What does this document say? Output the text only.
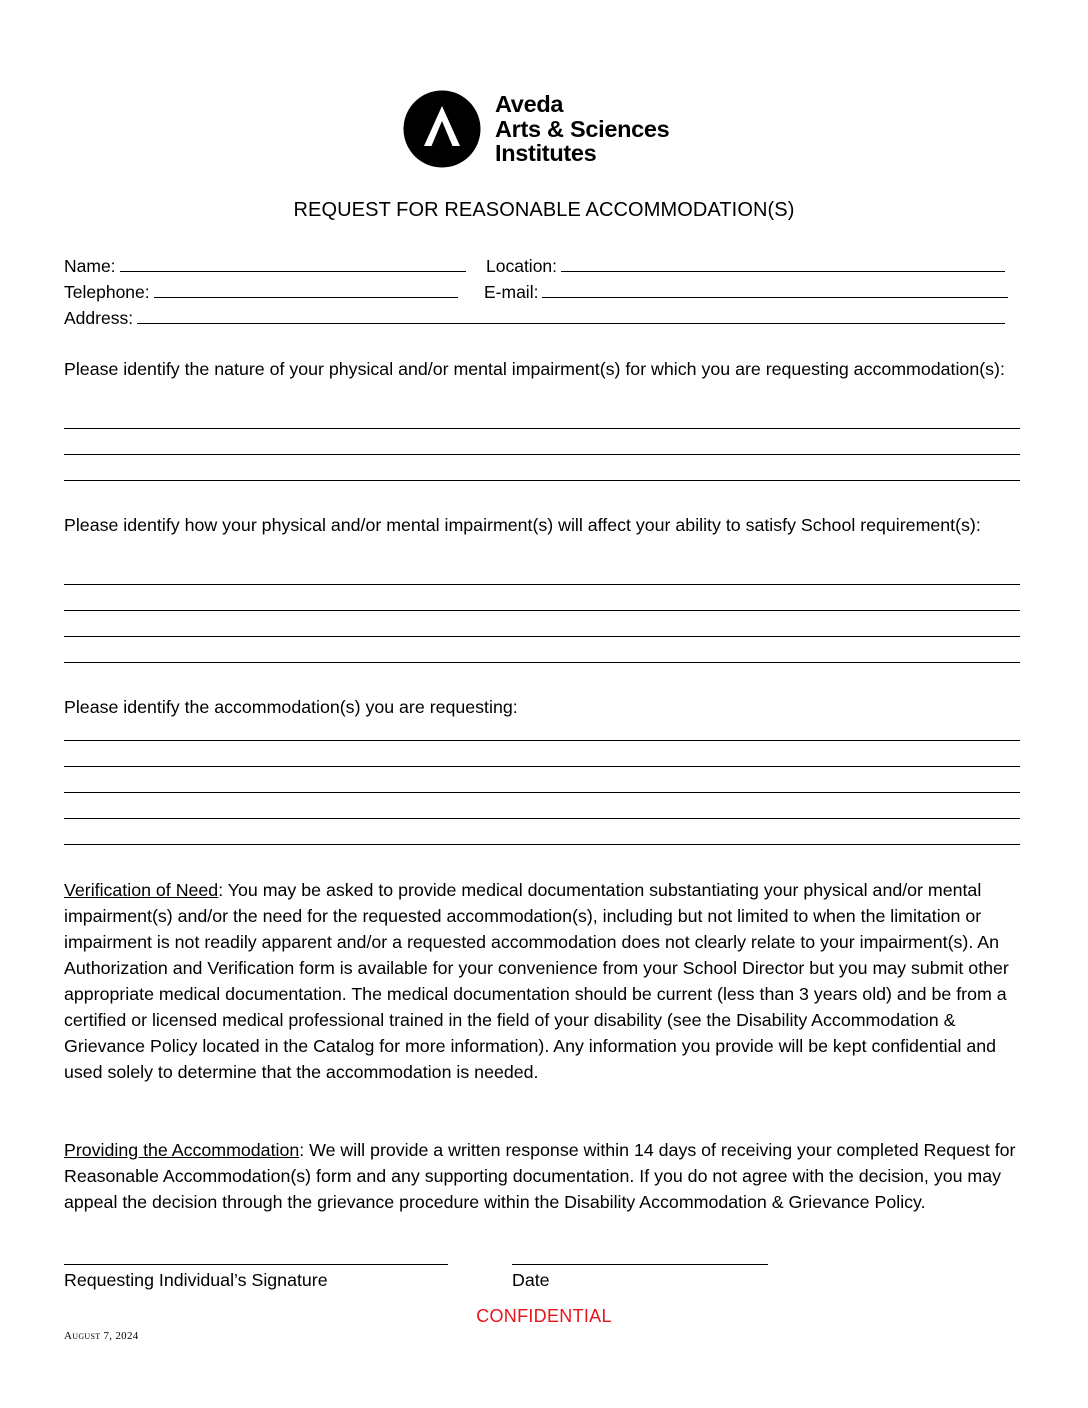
Aveda
Arts & Sciences
Institutes
REQUEST FOR REASONABLE ACCOMMODATION(S)
Name:	Location:
Telephone:	E-mail:
Address:

Please identify the nature of your physical and/or mental impairment(s) for which you are requesting accommodation(s):

Please identify how your physical and/or mental impairment(s) will affect your ability to satisfy School requirement(s):

Please identify the accommodation(s) you are requesting:

Verification of Need: You may be asked to provide medical documentation substantiating your physical and/or mental impairment(s) and/or the need for the requested accommodation(s), including but not limited to when the limitation or impairment is not readily apparent and/or a requested accommodation does not clearly relate to your impairment(s). An Authorization and Verification form is available for your convenience from your School Director but you may submit other appropriate medical documentation. The medical documentation should be current (less than 3 years old) and be from a certified or licensed medical professional trained in the field of your disability (see the Disability Accommodation & Grievance Policy located in the Catalog for more information). Any information you provide will be kept confidential and used solely to determine that the accommodation is needed.

Providing the Accommodation: We will provide a written response within 14 days of receiving your completed Request for Reasonable Accommodation(s) form and any supporting documentation. If you do not agree with the decision, you may appeal the decision through the grievance procedure within the Disability Accommodation & Grievance Policy.

Requesting Individual’s Signature	Date
CONFIDENTIAL
August 7, 2024
